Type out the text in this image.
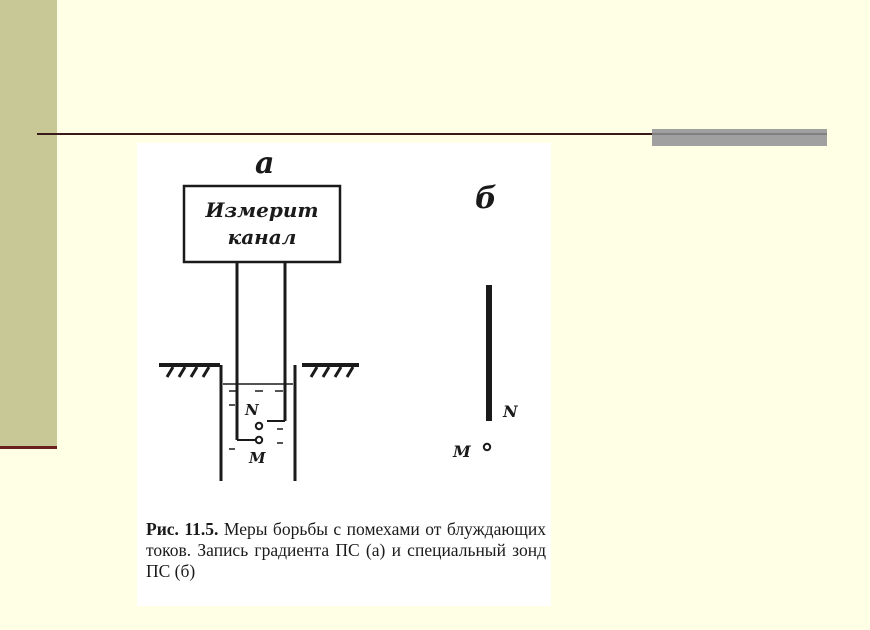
а
Измерит
канал
N
M
б
N
M
Рис. 11.5. Меры борьбы с помехами от блуждающих токов. Запись градиента ПС (а) и специальный зонд ПС (б)
